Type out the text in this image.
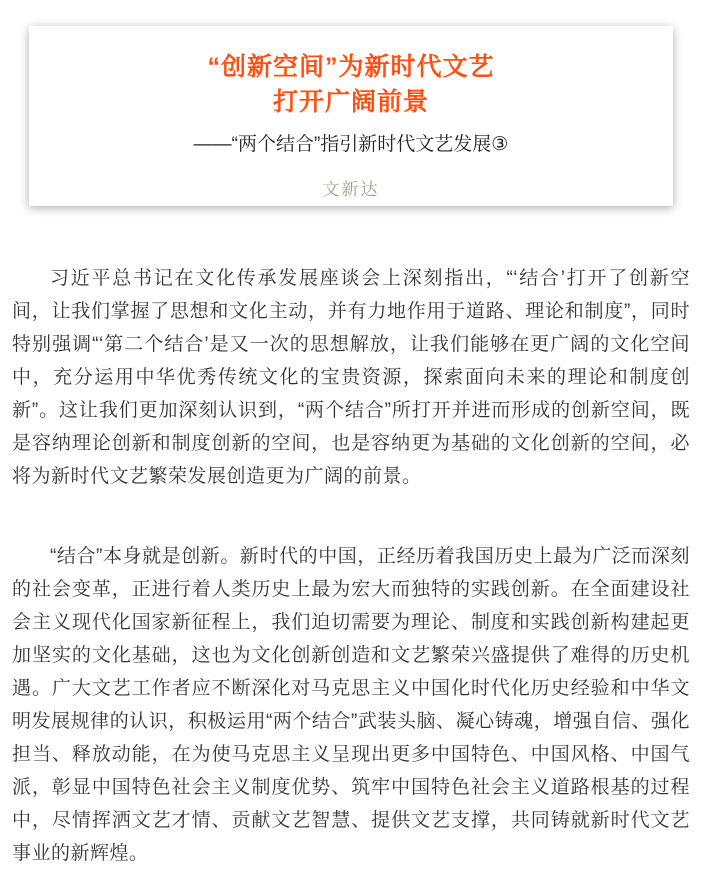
“创新空间”为新时代文艺
打开广阔前景
——“两个结合”指引新时代文艺发展③
文新达

习近平总书记在文化传承发展座谈会上深刻指出，“‘结合’打开了创新空间，让我们掌握了思想和文化主动，并有力地作用于道路、理论和制度”，同时特别强调“‘第二个结合’是又一次的思想解放，让我们能够在更广阔的文化空间中，充分运用中华优秀传统文化的宝贵资源，探索面向未来的理论和制度创新”。这让我们更加深刻认识到，“两个结合”所打开并进而形成的创新空间，既是容纳理论创新和制度创新的空间，也是容纳更为基础的文化创新的空间，必将为新时代文艺繁荣发展创造更为广阔的前景。

“结合”本身就是创新。新时代的中国，正经历着我国历史上最为广泛而深刻的社会变革，正进行着人类历史上最为宏大而独特的实践创新。在全面建设社会主义现代化国家新征程上，我们迫切需要为理论、制度和实践创新构建起更加坚实的文化基础，这也为文化创新创造和文艺繁荣兴盛提供了难得的历史机遇。广大文艺工作者应不断深化对马克思主义中国化时代化历史经验和中华文明发展规律的认识，积极运用“两个结合”武装头脑、凝心铸魂，增强自信、强化担当、释放动能，在为使马克思主义呈现出更多中国特色、中国风格、中国气派，彰显中国特色社会主义制度优势、筑牢中国特色社会主义道路根基的过程中，尽情挥洒文艺才情、贡献文艺智慧、提供文艺支撑，共同铸就新时代文艺事业的新辉煌。
